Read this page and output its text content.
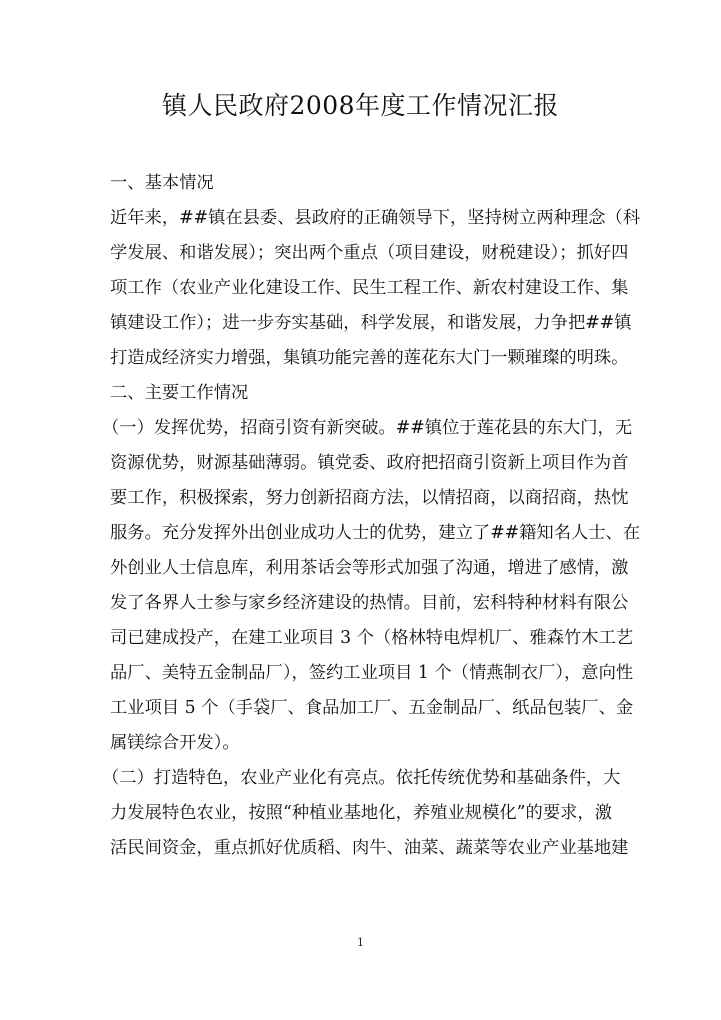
镇人民政府2008年度工作情况汇报
一、基本情况
近年来，##镇在县委、县政府的正确领导下，坚持树立两种理念（科
学发展、和谐发展）；突出两个重点（项目建设，财税建设）；抓好四
项工作（农业产业化建设工作、民生工程工作、新农村建设工作、集
镇建设工作）；进一步夯实基础，科学发展，和谐发展，力争把##镇
打造成经济实力增强，集镇功能完善的莲花东大门一颗璀璨的明珠。
二、主要工作情况
（一）发挥优势，招商引资有新突破。##镇位于莲花县的东大门，无
资源优势，财源基础薄弱。镇党委、政府把招商引资新上项目作为首
要工作，积极探索，努力创新招商方法，以情招商，以商招商，热忱
服务。充分发挥外出创业成功人士的优势，建立了##籍知名人士、在
外创业人士信息库，利用茶话会等形式加强了沟通，增进了感情，激
发了各界人士参与家乡经济建设的热情。目前，宏科特种材料有限公
司已建成投产，在建工业项目 3 个（格林特电焊机厂、雅森竹木工艺
品厂、美特五金制品厂），签约工业项目 1 个（情燕制衣厂），意向性
工业项目 5 个（手袋厂、食品加工厂、五金制品厂、纸品包装厂、金
属镁综合开发）。
（二）打造特色，农业产业化有亮点。依托传统优势和基础条件，大
力发展特色农业，按照“种植业基地化，养殖业规模化”的要求，激
活民间资金，重点抓好优质稻、肉牛、油菜、蔬菜等农业产业基地建
1
